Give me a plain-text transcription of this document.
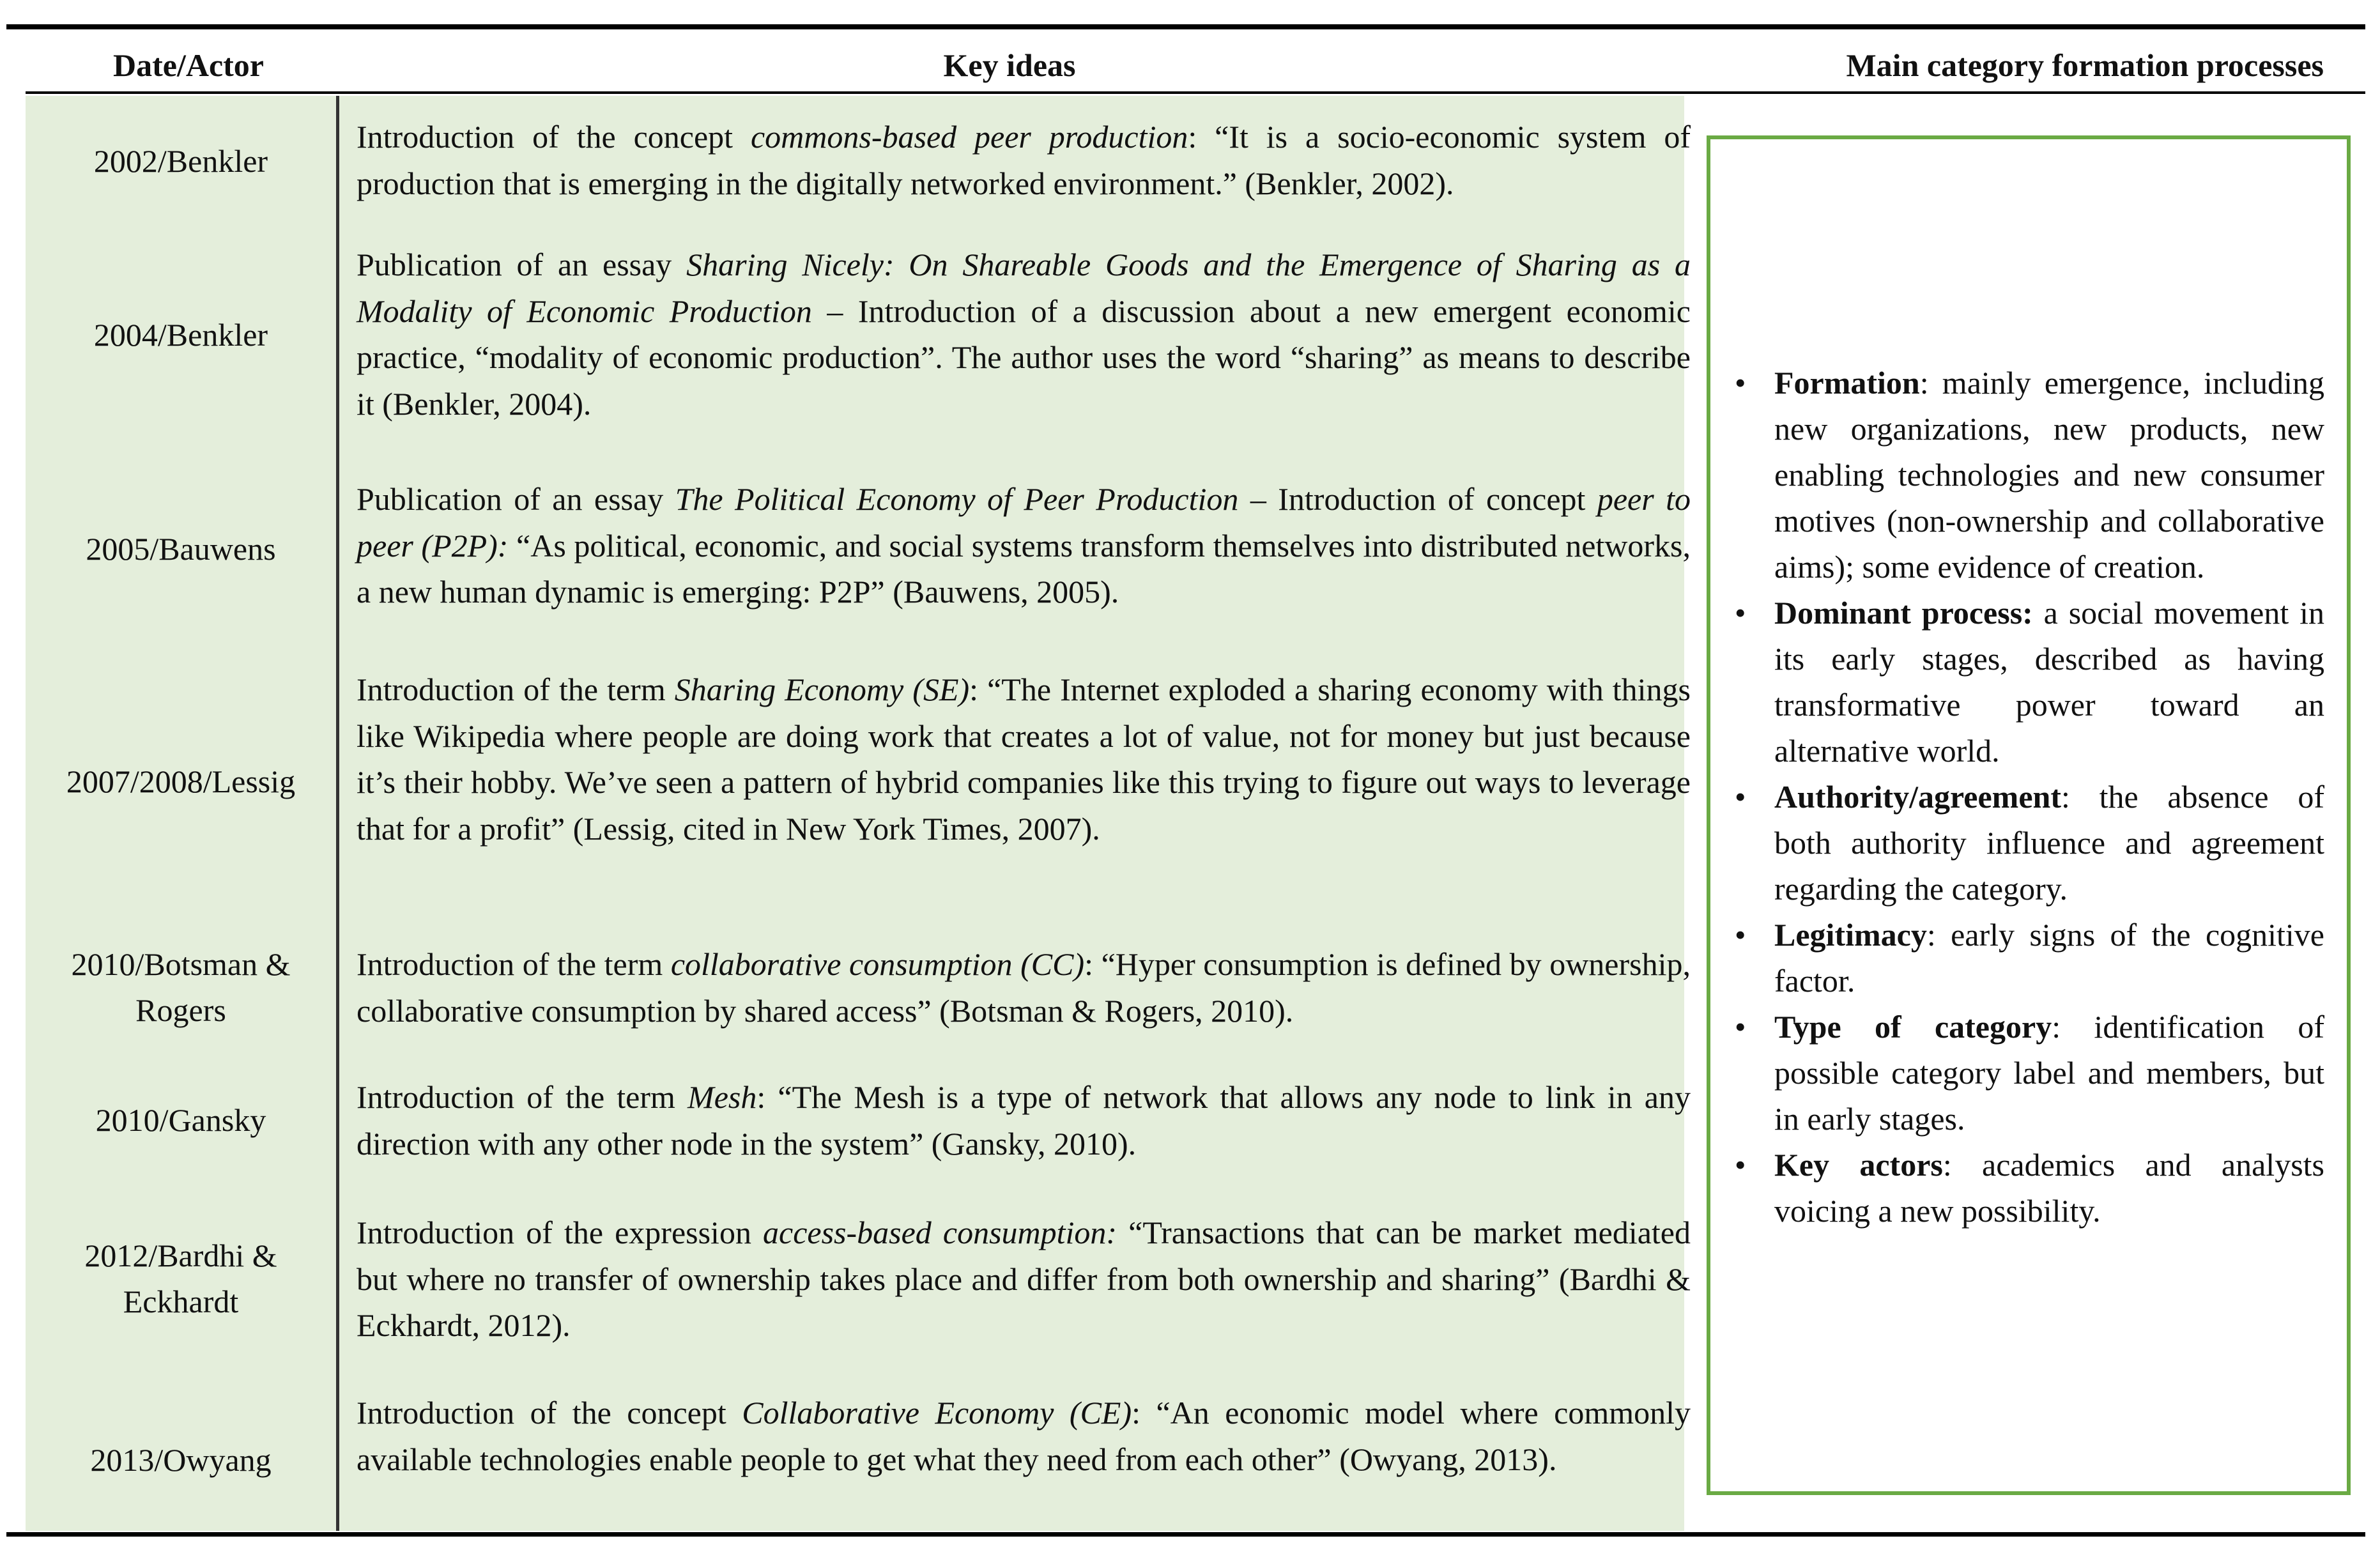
Date/Actor	Key ideas	Main category formation processes
2002/Benkler
Introduction of the concept commons-based peer production: “It is a socio-economic system of production that is emerging in the digitally networked environment.” (Benkler, 2002).
2004/Benkler
Publication of an essay Sharing Nicely: On Shareable Goods and the Emergence of Sharing as a Modality of Economic Production – Introduction of a discussion about a new emergent economic practice, “modality of economic production”. The author uses the word “sharing” as means to describe it (Benkler, 2004).
2005/Bauwens
Publication of an essay The Political Economy of Peer Production – Introduction of concept peer to peer (P2P): “As political, economic, and social systems transform themselves into distributed networks, a new human dynamic is emerging: P2P” (Bauwens, 2005).
2007/2008/Lessig
Introduction of the term Sharing Economy (SE): “The Internet exploded a sharing economy with things like Wikipedia where people are doing work that creates a lot of value, not for money but just because it’s their hobby. We’ve seen a pattern of hybrid companies like this trying to figure out ways to leverage that for a profit” (Lessig, cited in New York Times, 2007).
2010/Botsman & Rogers
Introduction of the term collaborative consumption (CC): “Hyper consumption is defined by ownership, collaborative consumption by shared access” (Botsman & Rogers, 2010).
2010/Gansky
Introduction of the term Mesh: “The Mesh is a type of network that allows any node to link in any direction with any other node in the system” (Gansky, 2010).
2012/Bardhi & Eckhardt
Introduction of the expression access-based consumption: “Transactions that can be market mediated but where no transfer of ownership takes place and differ from both ownership and sharing” (Bardhi & Eckhardt, 2012).
2013/Owyang
Introduction of the concept Collaborative Economy (CE): “An economic model where commonly available technologies enable people to get what they need from each other” (Owyang, 2013).
• Formation: mainly emergence, including new organizations, new products, new enabling technologies and new consumer motives (non-ownership and collaborative aims); some evidence of creation.
• Dominant process: a social movement in its early stages, described as having transformative power toward an alternative world.
• Authority/agreement: the absence of both authority influence and agreement regarding the category.
• Legitimacy: early signs of the cognitive factor.
• Type of category: identification of possible category label and members, but in early stages.
• Key actors: academics and analysts voicing a new possibility.
